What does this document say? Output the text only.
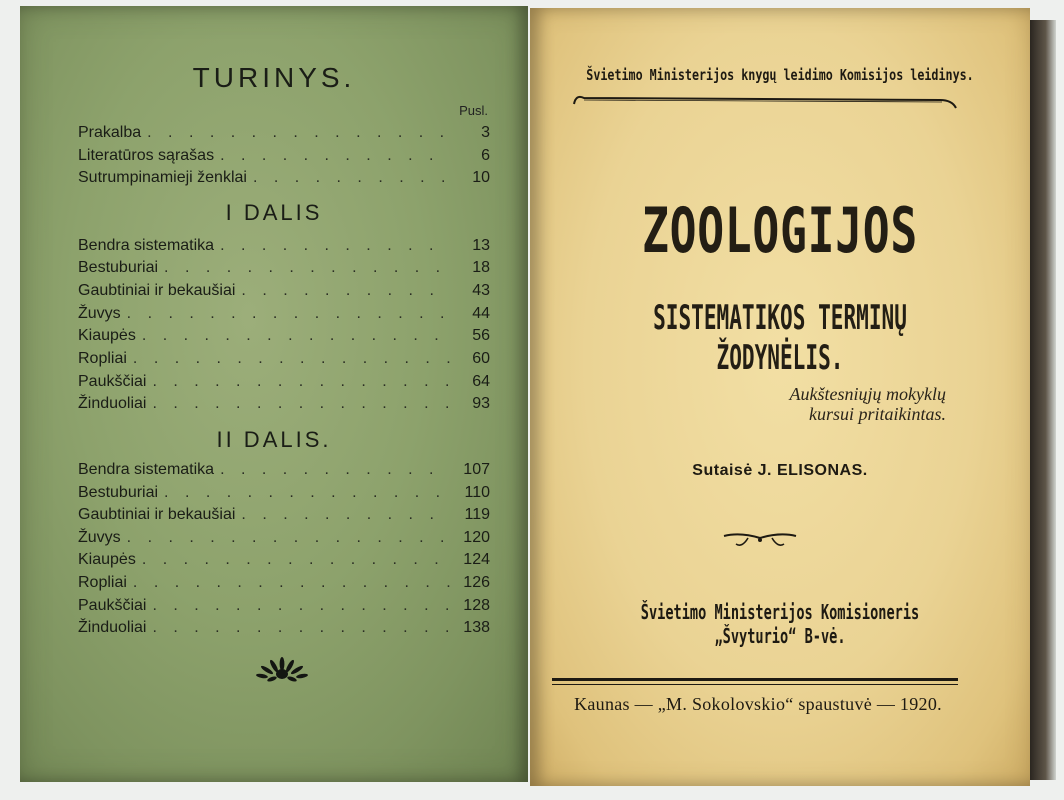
TURINYS.
Pusl.
Prakalba . . .	3
Literatūros sąrašas . . .	6
Sutrumpinamieji ženklai . . .	10
I DALIS
Bendra sistematika . . .	13
Bestuburiai . . .	18
Gaubtiniai ir bekaušiai . . .	43
Žuvys . . .	44
Kiaupės . . .	56
Ropliai . . .	60
Paukščiai . . .	64
Žinduoliai . . .	93
II DALIS.
Bendra sistematika . . .	107
Bestuburiai . . .	110
Gaubtiniai ir bekaušiai . . .	119
Žuvys . . .	120
Kiaupės . . .	124
Ropliai . . .	126
Paukščiai . . .	128
Žinduoliai . . .	138
Švietimo Ministerijos knygų leidimo Komisijos leidinys.
ZOOLOGIJOS
SISTEMATIKOS TERMINŲ ŽODYNĖLIS.
Aukštesniųjų mokyklų
kursui pritaikintas.
Sutaisė J. ELISONAS.
Švietimo Ministerijos Komisioneris „Švyturio“ B-vė.
Kaunas — „M. Sokolovskio“ spaustuvė — 1920.
